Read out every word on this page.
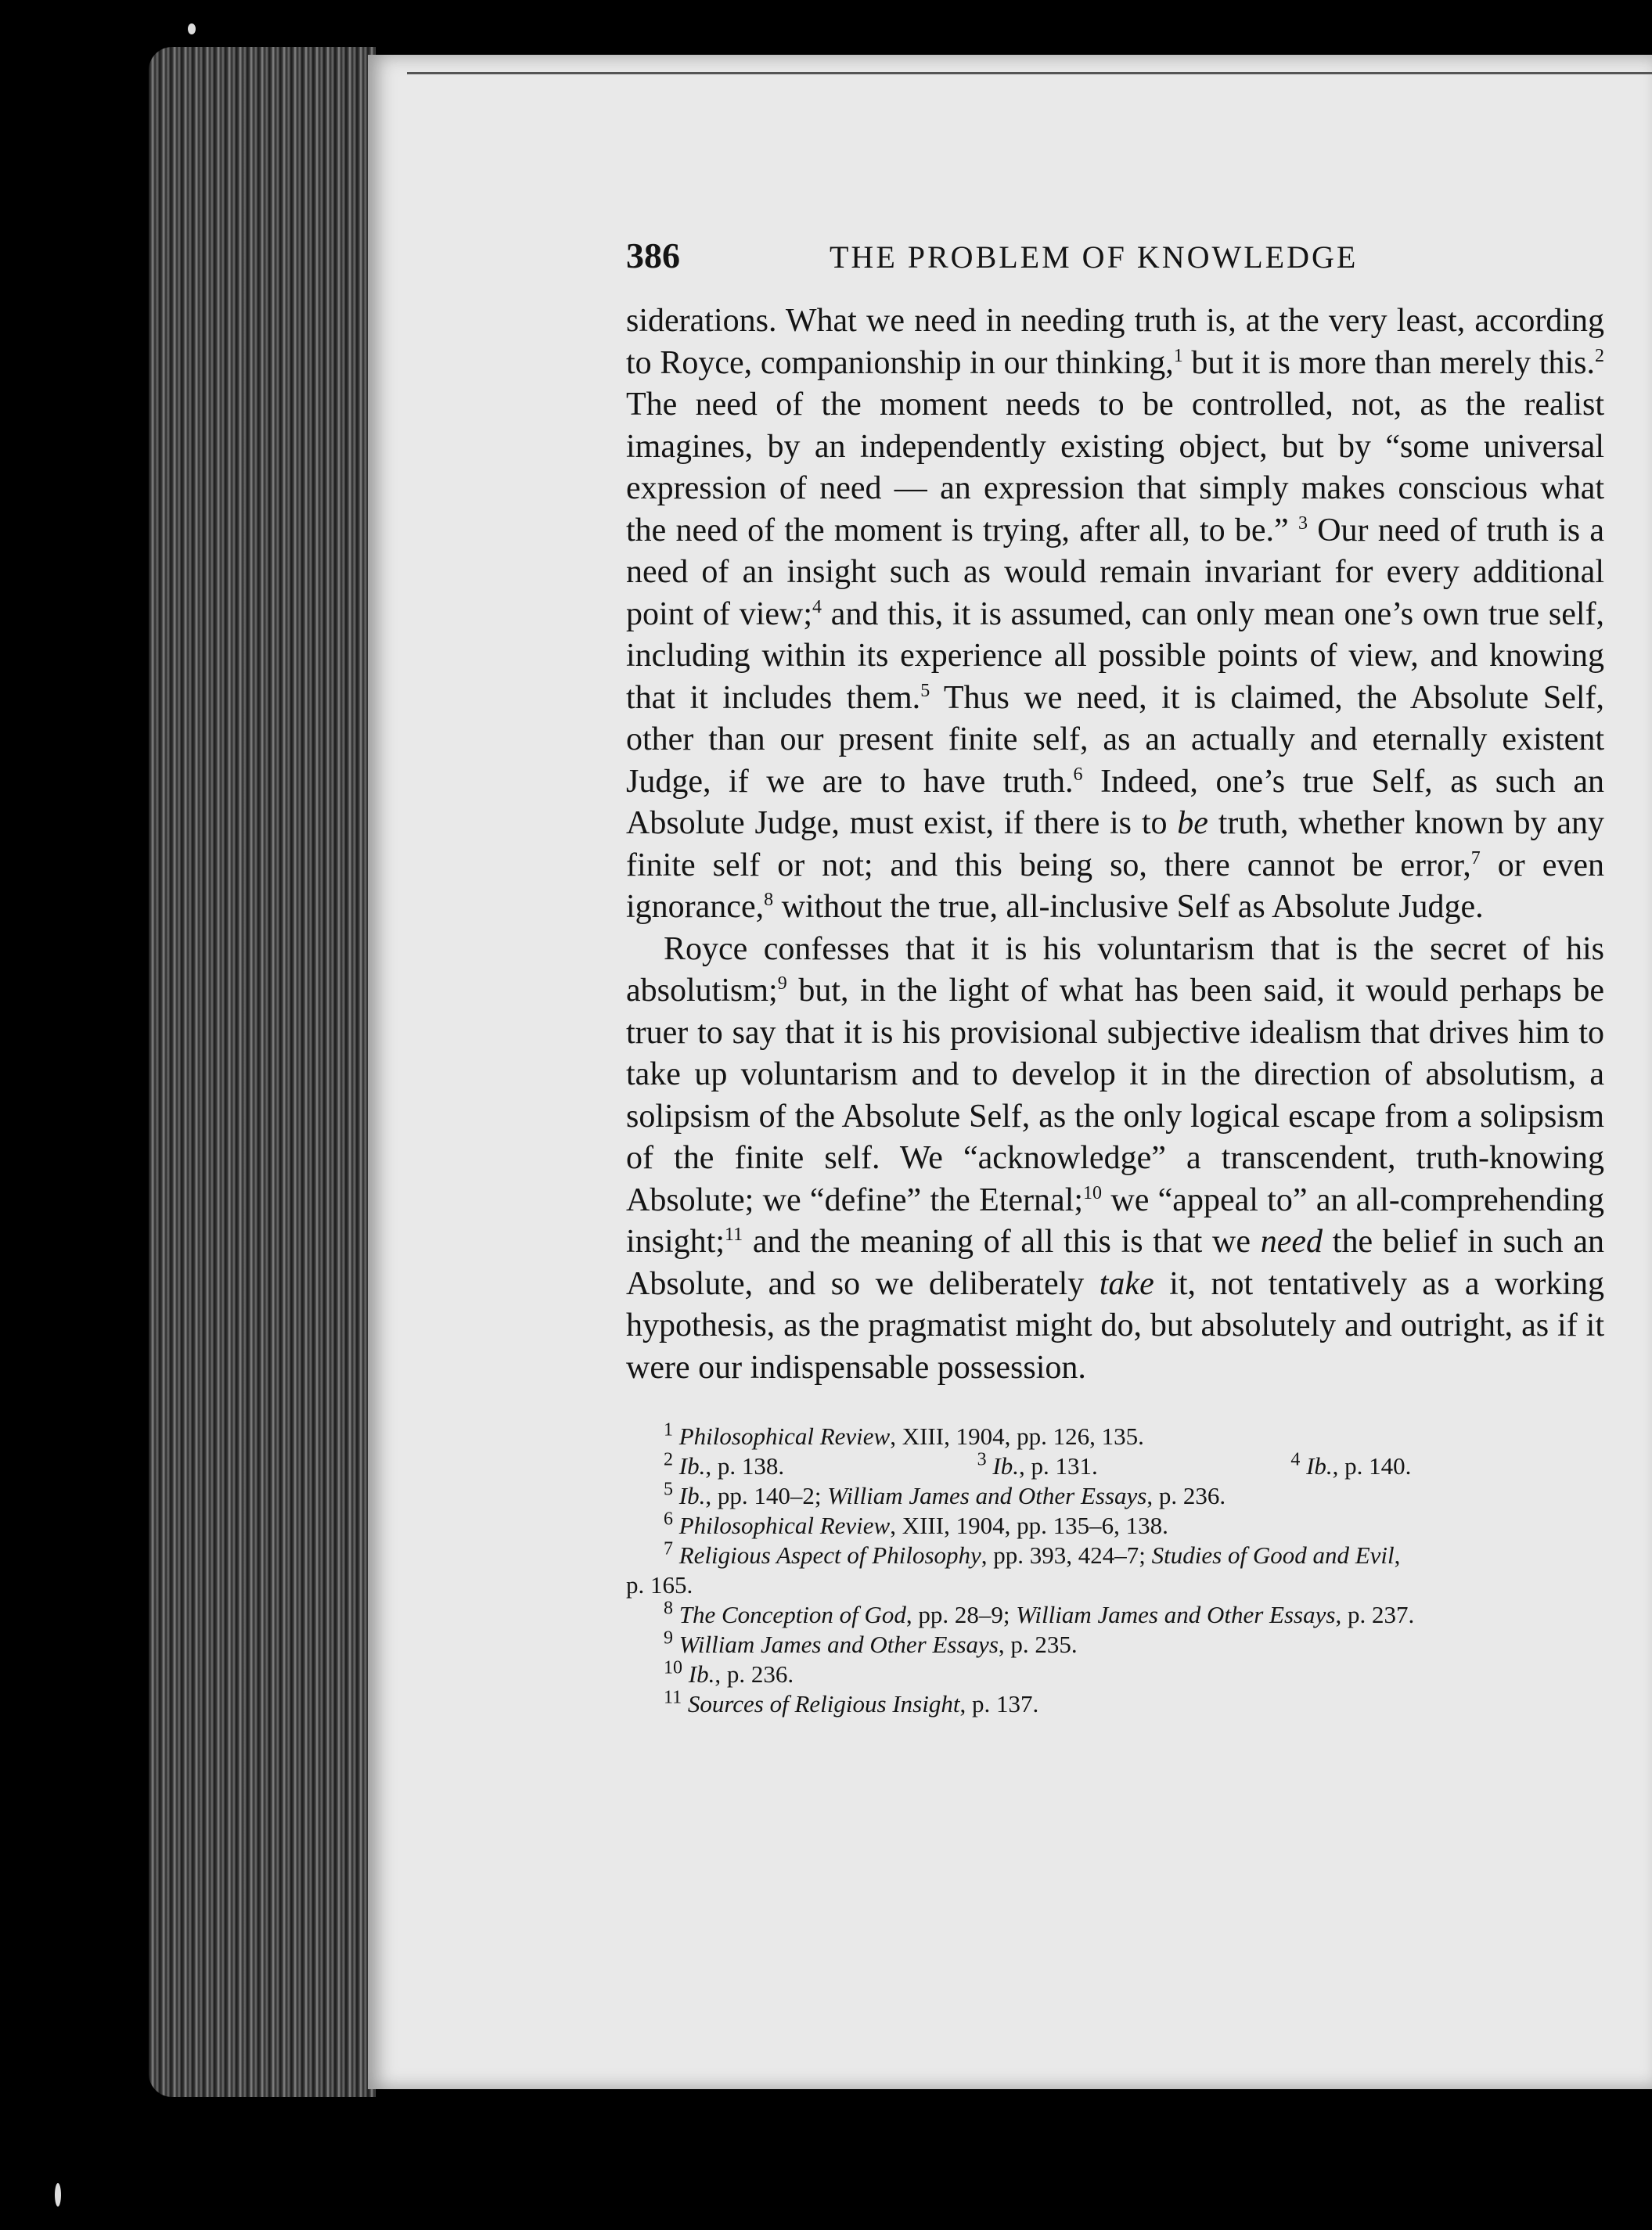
386	THE PROBLEM OF KNOWLEDGE

siderations. What we need in needing truth is, at the very least, according to Royce, companionship in our thinking,$^1$ but it is more than merely this.$^2$ The need of the moment needs to be controlled, not, as the realist imagines, by an independently existing object, but by “some universal expression of need — an expression that simply makes conscious what the need of the moment is trying, after all, to be.” $^3$ Our need of truth is a need of an insight such as would remain invariant for every additional point of view;$^4$ and this, it is assumed, can only mean one’s own true self, including within its experience all possible points of view, and knowing that it includes them.$^5$ Thus we need, it is claimed, the Absolute Self, other than our present finite self, as an actually and eternally existent Judge, if we are to have truth.$^6$ Indeed, one’s true Self, as such an Absolute Judge, must exist, if there is to be truth, whether known by any finite self or not; and this being so, there cannot be error,$^7$ or even ignorance,$^8$ without the true, all-inclusive Self as Absolute Judge.

Royce confesses that it is his voluntarism that is the secret of his absolutism;$^9$ but, in the light of what has been said, it would perhaps be truer to say that it is his provisional subjective idealism that drives him to take up voluntarism and to develop it in the direction of absolutism, a solipsism of the Absolute Self, as the only logical escape from a solipsism of the finite self. We “acknowledge” a transcendent, truth-knowing Absolute; we “define” the Eternal;$^{10}$ we “appeal to” an all-comprehending insight;$^{11}$ and the meaning of all this is that we need the belief in such an Absolute, and so we deliberately take it, not tentatively as a working hypothesis, as the pragmatist might do, but absolutely and outright, as if it were our indispensable possession.

$^1$ Philosophical Review, XIII, 1904, pp. 126, 135.
$^2$ Ib., p. 138.	$^3$ Ib., p. 131.	$^4$ Ib., p. 140.
$^5$ Ib., pp. 140–2; William James and Other Essays, p. 236.
$^6$ Philosophical Review, XIII, 1904, pp. 135–6, 138.
$^7$ Religious Aspect of Philosophy, pp. 393, 424–7; Studies of Good and Evil,
p. 165.
$^8$ The Conception of God, pp. 28–9; William James and Other Essays, p. 237.
$^9$ William James and Other Essays, p. 235.
$^{10}$ Ib., p. 236.
$^{11}$ Sources of Religious Insight, p. 137.
